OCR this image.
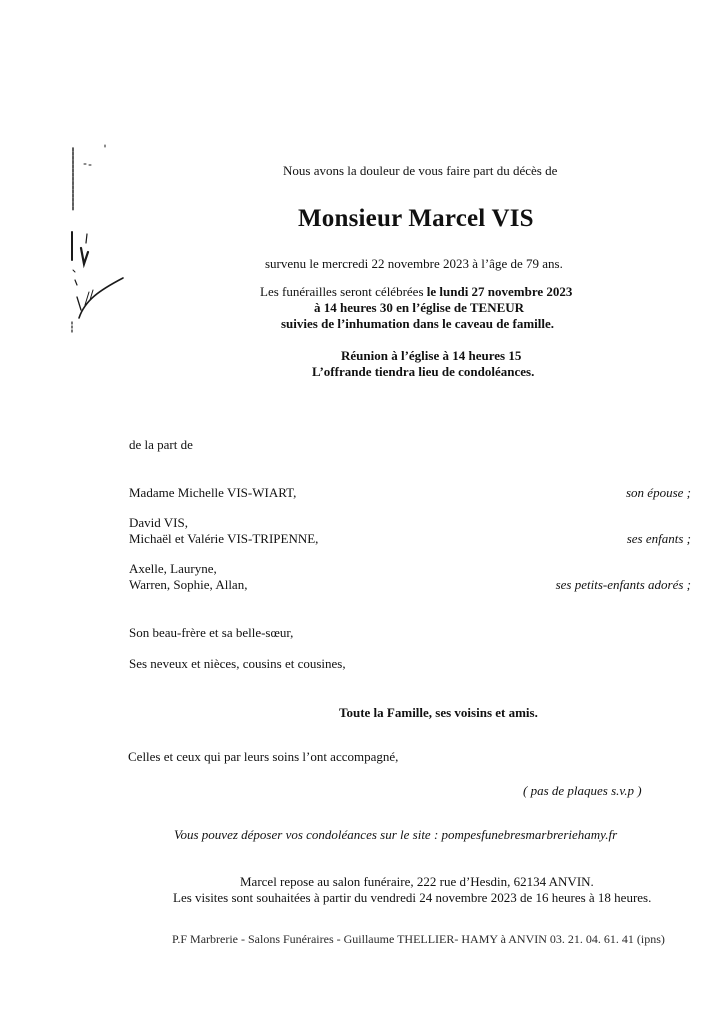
Nous avons la douleur de vous faire part du décès de
Monsieur Marcel VIS
survenu le mercredi 22 novembre 2023 à l’âge de 79 ans.
Les funérailles seront célébrées le lundi 27 novembre 2023
à 14 heures 30 en l’église de TENEUR
suivies de l’inhumation dans le caveau de famille.
Réunion à l’église à 14 heures 15
L’offrande tiendra lieu de condoléances.
de la part de
Madame Michelle VIS-WIART,	son épouse ;
David VIS,
Michaël et Valérie VIS-TRIPENNE,	ses enfants ;
Axelle, Lauryne,
Warren, Sophie, Allan,	ses petits-enfants adorés ;
Son beau-frère et sa belle-sœur,
Ses neveux et nièces, cousins et cousines,
Toute la Famille, ses voisins et amis.
Celles et ceux qui par leurs soins l’ont accompagné,
( pas de plaques s.v.p )
Vous pouvez déposer vos condoléances sur le site : pompesfunebresmarbreriehamy.fr
Marcel repose au salon funéraire, 222 rue d’Hesdin, 62134 ANVIN.
Les visites sont souhaitées à partir du vendredi 24 novembre 2023 de 16 heures à 18 heures.
P.F Marbrerie - Salons Funéraires - Guillaume THELLIER- HAMY à ANVIN 03. 21. 04. 61. 41 (ipns)
